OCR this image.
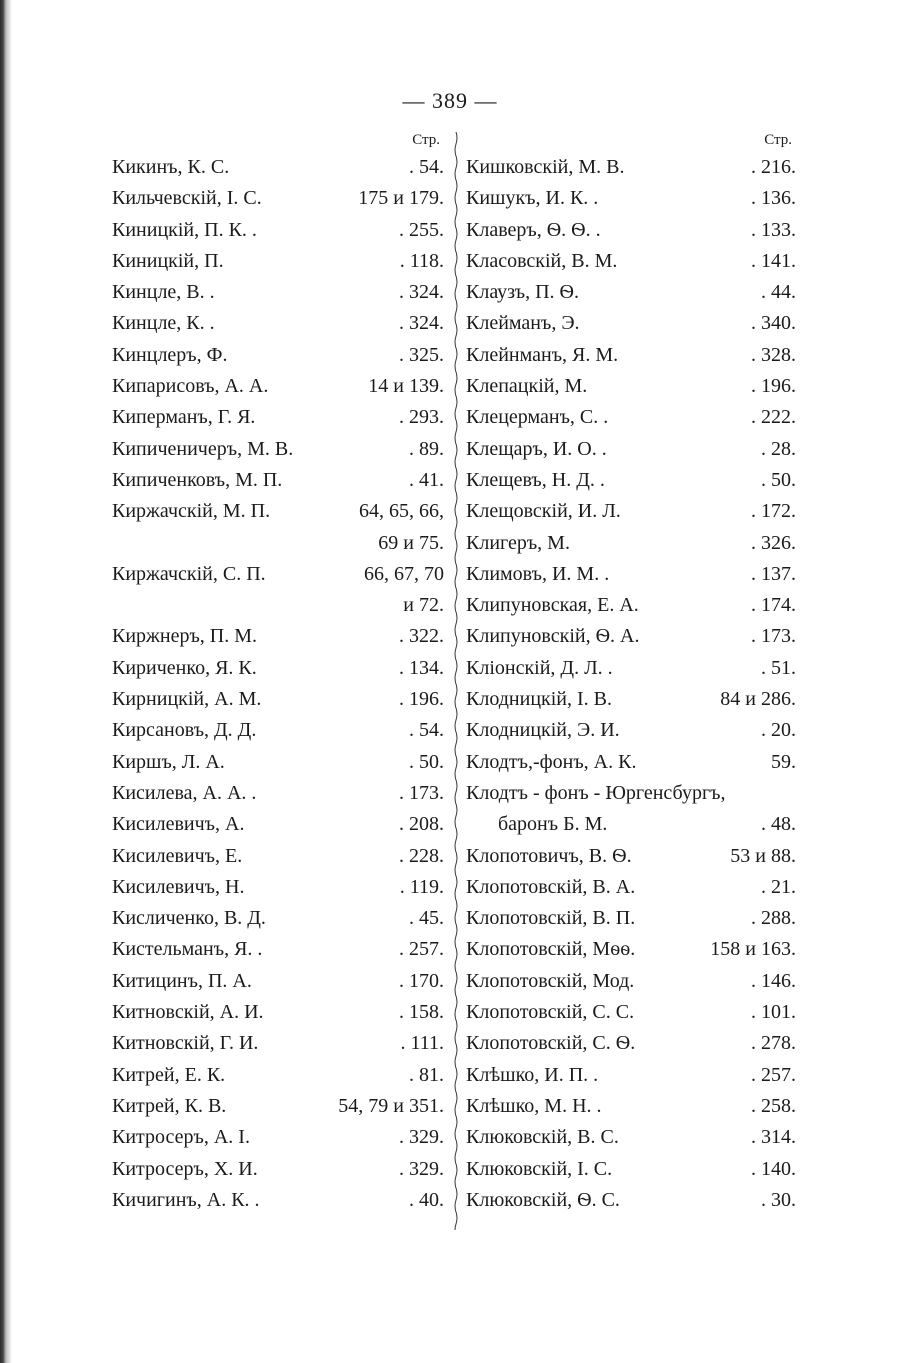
— 389 —
Стр.
Кикинъ, К. С.	. 54.
Кильчевскій, І. С.	175 и 179.
Киницкій, П. К. .	. 255.
Киницкій, П.	. 118.
Кинцле, В. .	. 324.
Кинцле, К. .	. 324.
Кинцлеръ, Ф.	. 325.
Кипарисовъ, А. А.	14 и 139.
Киперманъ, Г. Я.	. 293.
Кипиченичеръ, М. В.	. 89.
Кипиченковъ, М. П.	. 41.
Киржачскій, М. П.	64, 65, 66,
69 и 75.
Киржачскій, С. П.	66, 67, 70
и 72.
Киржнеръ, П. М.	. 322.
Кириченко, Я. К.	. 134.
Кирницкій, А. М.	. 196.
Кирсановъ, Д. Д.	. 54.
Киршъ, Л. А.	. 50.
Кисилева, А. А. .	. 173.
Кисилевичъ, А.	. 208.
Кисилевичъ, Е.	. 228.
Кисилевичъ, Н.	. 119.
Кисличенко, В. Д.	. 45.
Кистельманъ, Я. .	. 257.
Китицинъ, П. А.	. 170.
Китновскій, А. И.	. 158.
Китновскій, Г. И.	. 111.
Китрей, Е. К.	. 81.
Китрей, К. В.	54, 79 и 351.
Китросеръ, А. І.	. 329.
Китросеръ, Х. И.	. 329.
Кичигинъ, А. К. .	. 40.
Стр.
Кишковскій, М. В.	. 216.
Кишукъ, И. К. .	. 136.
Клаверъ, Ѳ. Ѳ. .	. 133.
Класовскій, В. М.	. 141.
Клаузъ, П. Ѳ.	. 44.
Клейманъ, Э.	. 340.
Клейнманъ, Я. М.	. 328.
Клепацкій, М.	. 196.
Клецерманъ, С. .	. 222.
Клещаръ, И. О. .	. 28.
Клещевъ, Н. Д. .	. 50.
Клещовскій, И. Л.	. 172.
Клигеръ, М.	. 326.
Климовъ, И. М. .	. 137.
Клипуновская, Е. А.	. 174.
Клипуновскій, Ѳ. А.	. 173.
Кліонскій, Д. Л. .	. 51.
Клодницкій, І. В.	84 и 286.
Клодницкій, Э. И.	. 20.
Клодтъ,-фонъ, А. К.	59.
Клодтъ - фонъ - Юргенсбургъ,
баронъ Б. М.	. 48.
Клопотовичъ, В. Ѳ.	53 и 88.
Клопотовскій, В. А.	. 21.
Клопотовскій, В. П.	. 288.
Клопотовскій, Мѳѳ.	158 и 163.
Клопотовскій, Мод.	. 146.
Клопотовскій, С. С.	. 101.
Клопотовскій, С. Ѳ.	. 278.
Клѣшко, И. П. .	. 257.
Клѣшко, М. Н. .	. 258.
Клюковскій, В. С.	. 314.
Клюковскій, І. С.	. 140.
Клюковскій, Ѳ. С.	. 30.
